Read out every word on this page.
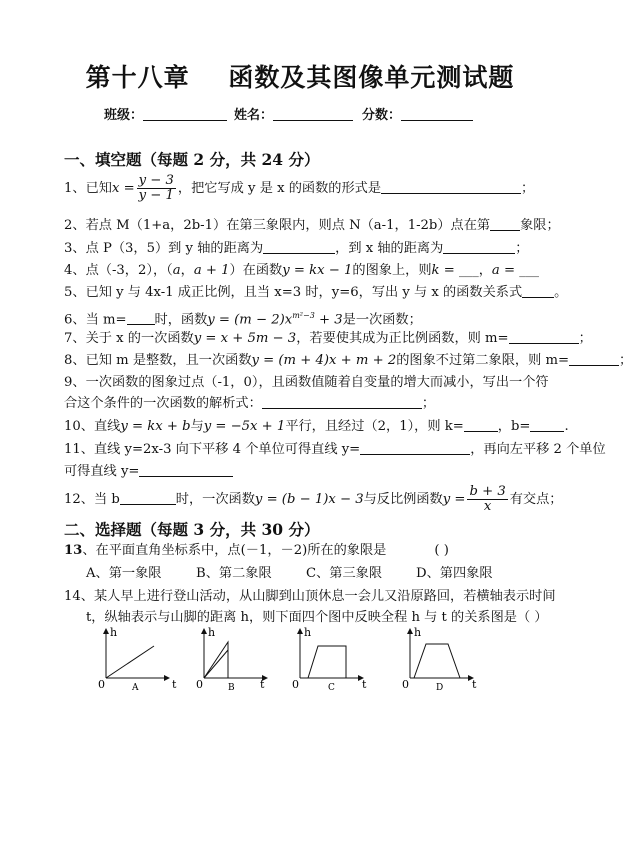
第十八章    函数及其图像单元测试题
班级：	姓名：	分数：
一、填空题（每题 2 分，共 24 分）
1、已知$x = \frac{y - 3}{y - 1}$ ，把它写成 y 是 x 的函数的形式是	；
2、若点 M（1+a，2b-1）在第三象限内，则点 N（a-1，1-2b）点在第 象限；
3、点 P（3，5）到 y 轴的距离为	，到 x 轴的距离为	；
4、点（-3，2），（a，a + 1）在函数y = kx − 1的图象上，则k = ___，a = ___
5、已知 y 与 4x-1 成正比例，且当 x=3 时，y=6，写出 y 与 x 的函数关系式 。
6、当 m= 时，函数$y = (m - 2)x^{m^2-3} + 3$是一次函数；
7、关于 x 的一次函数y = x + 5m − 3，若要使其成为正比例函数，则 m=	；
8、已知 m 是整数，且一次函数y = (m + 4)x + m + 2的图象不过第二象限，则 m=	；
9、一次函数的图象过点（-1，0），且函数值随着自变量的增大而减小，写出一个符
合这个条件的一次函数的解析式：	；
10、直线y = kx + b与y = −5x + 1平行，且经过（2，1），则 k=	，b=	.
11、直线 y=2x-3 向下平移 4 个单位可得直线 y=	，再向左平移 2 个单位
可得直线 y=
12、当 b	时，一次函数y = (b − 1)x − 3与反比例函数$y = \frac{b + 3}{x}$ 有交点；
二、选择题（每题 3 分，共 30 分）
13、在平面直角坐标系中，点(－1，－2)所在的象限是	( )
A、第一象限	B、第二象限	C、第三象限	D、第四象限
14、某人早上进行登山活动，从山脚到山顶休息一会儿又沿原路回，若横轴表示时间
t，纵轴表示与山脚的距离 h，则下面四个图中反映全程 h 与 t 的关系图是（ ）
h
t
0	A
h
t
0	B
h
t
0	C
h
t
0	D
